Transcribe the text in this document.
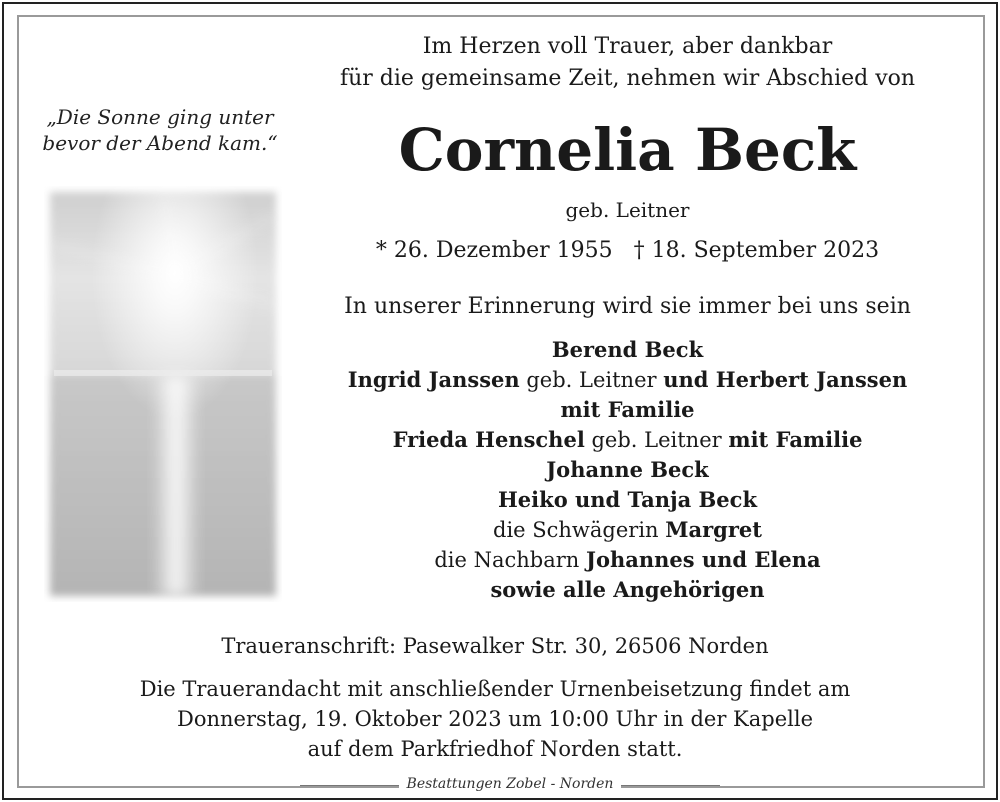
„Die Sonne ging unter
bevor der Abend kam.“
Im Herzen voll Trauer, aber dankbar
für die gemeinsame Zeit, nehmen wir Abschied von
Cornelia Beck
geb. Leitner
* 26. Dezember 1955 † 18. September 2023
In unserer Erinnerung wird sie immer bei uns sein
Berend Beck
Ingrid Janssen geb. Leitner und Herbert Janssen
mit Familie
Frieda Henschel geb. Leitner mit Familie
Johanne Beck
Heiko und Tanja Beck
die Schwägerin Margret
die Nachbarn Johannes und Elena
sowie alle Angehörigen
Traueranschrift: Pasewalker Str. 30, 26506 Norden
Die Trauerandacht mit anschließender Urnenbeisetzung findet am
Donnerstag, 19. Oktober 2023 um 10:00 Uhr in der Kapelle
auf dem Parkfriedhof Norden statt.
Bestattungen Zobel - Norden
